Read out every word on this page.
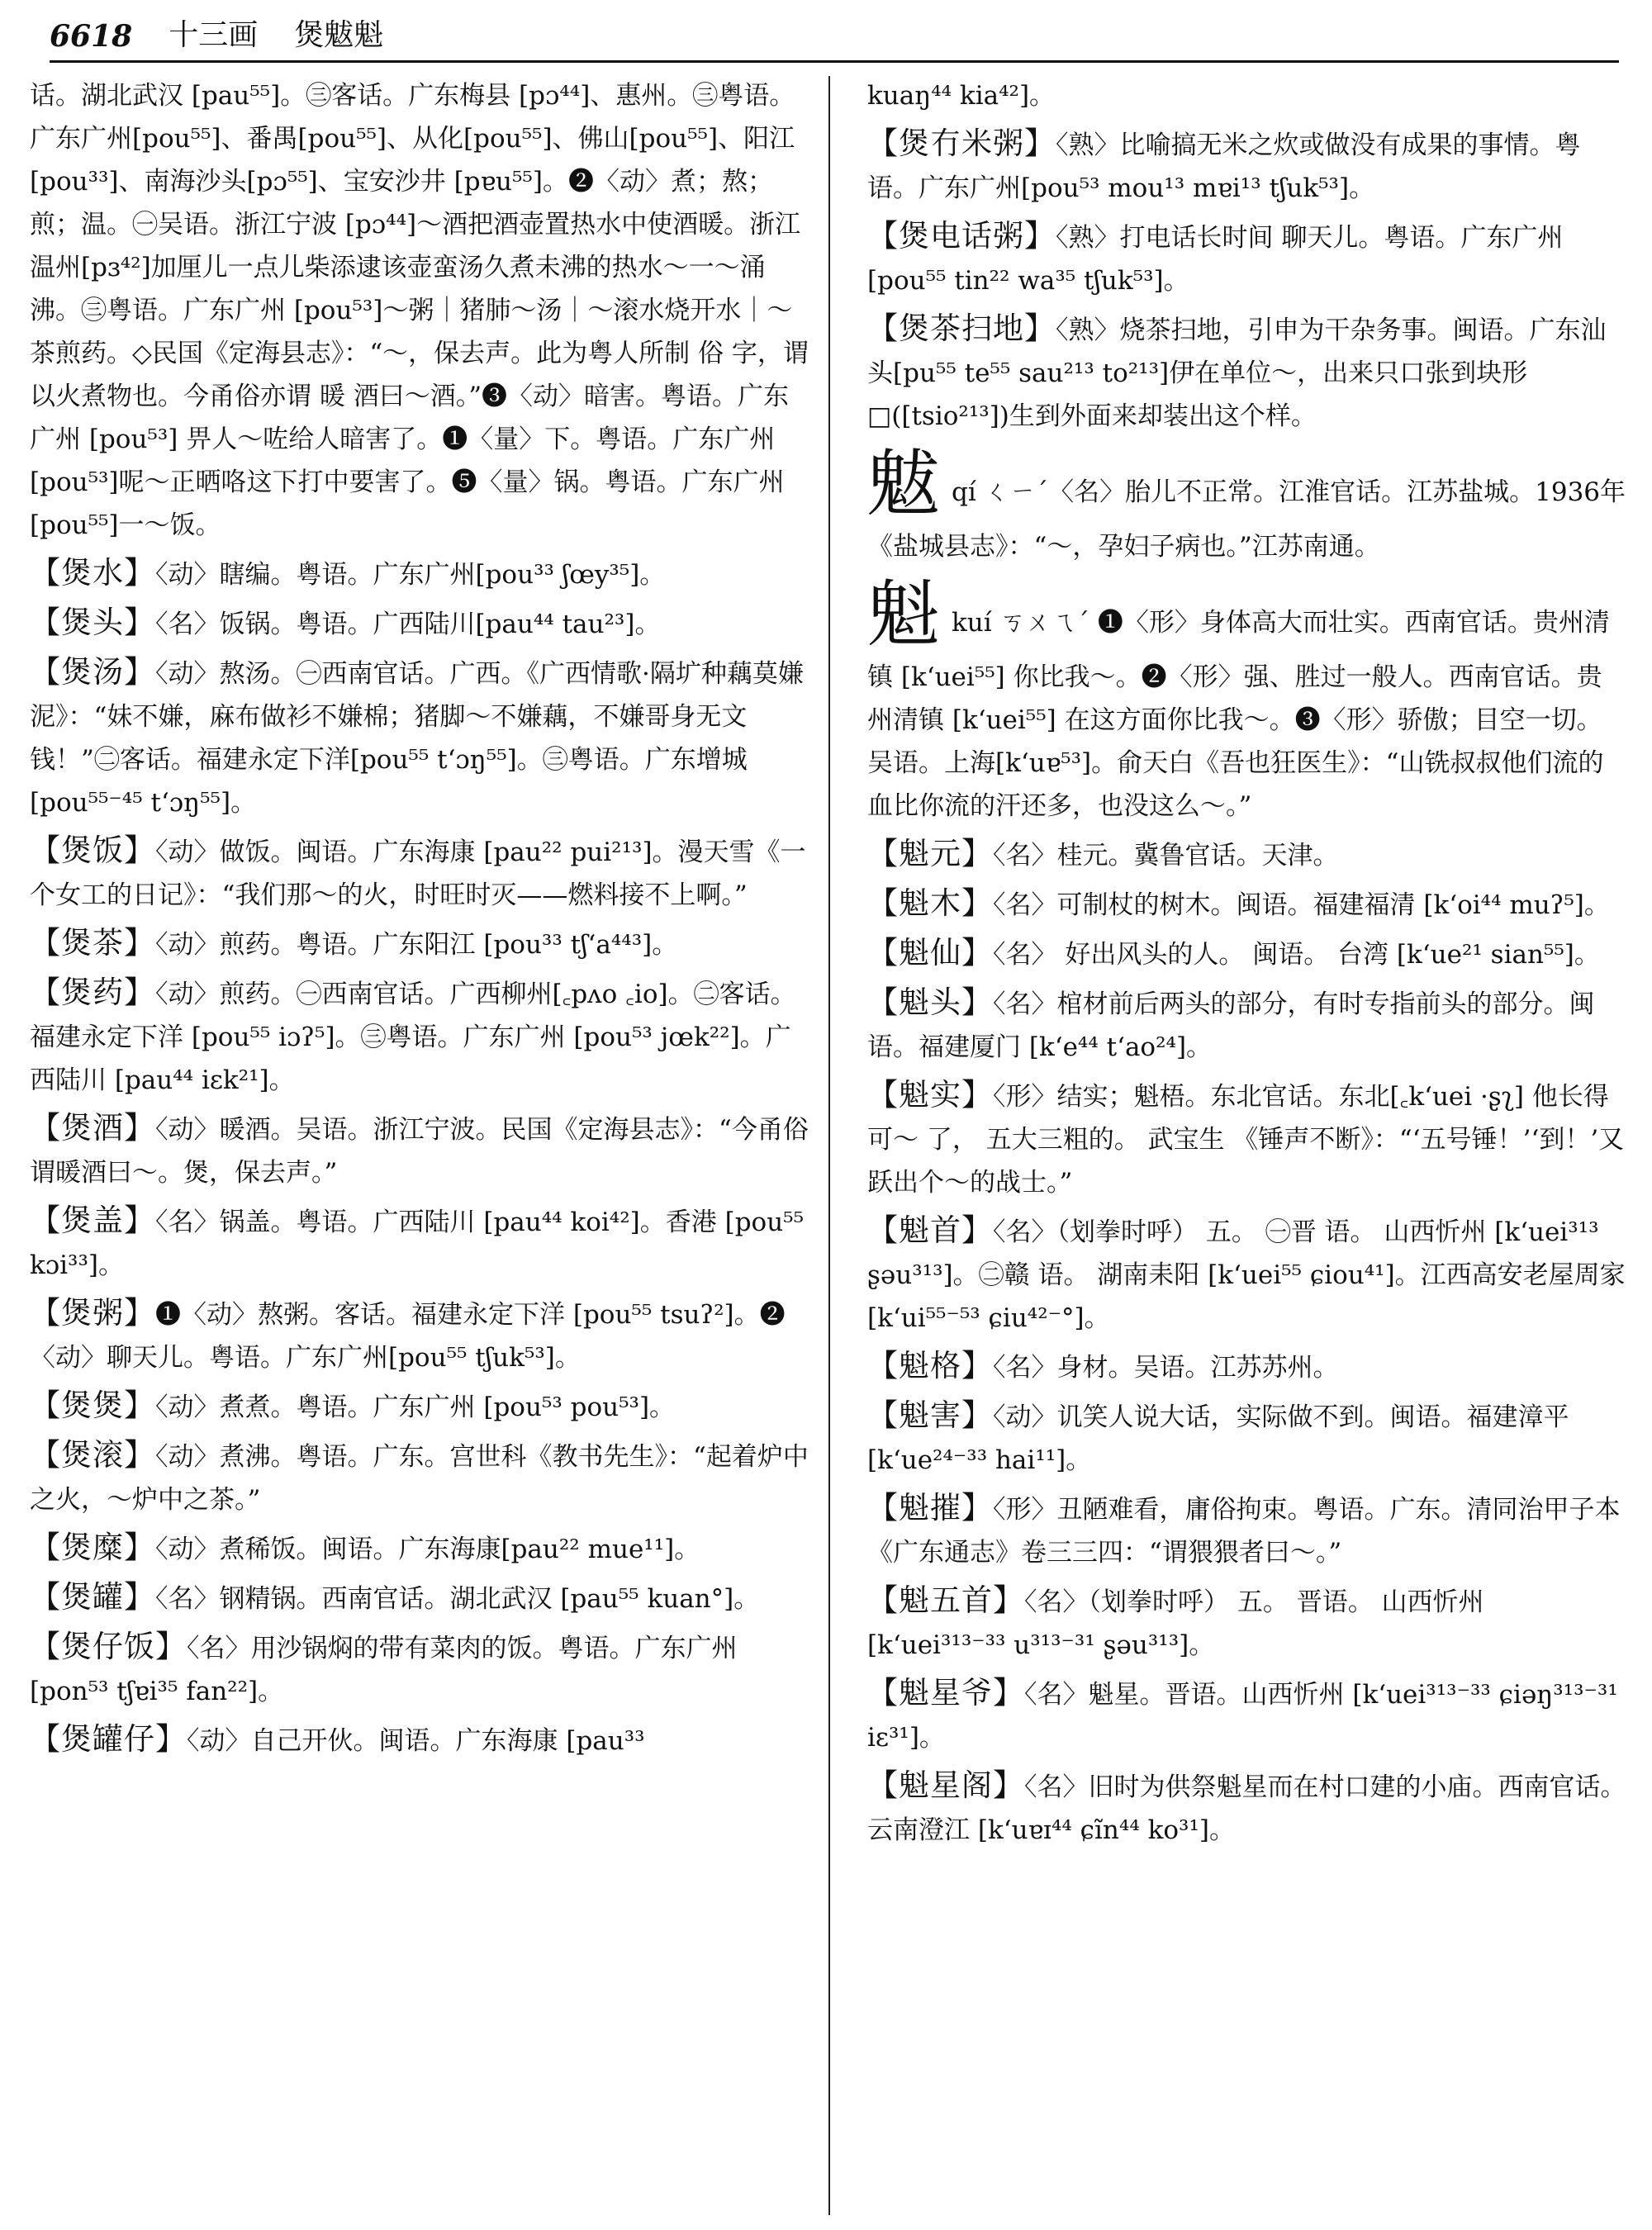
6618 十三画 煲魃魁
话。湖北武汉 [pau⁵⁵]。㊂客话。广东梅县 [pɔ⁴⁴]、惠州。㊂粤语。广东广州[pou⁵⁵]、番禺[pou⁵⁵]、从化[pou⁵⁵]、佛山[pou⁵⁵]、阳江 [pou³³]、南海沙头[pɔ⁵⁵]、宝安沙井 [pɐu⁵⁵]。❷〈动〉煮；熬；煎；温。㊀吴语。浙江宁波 [pɔ⁴⁴]～酒把酒壶置热水中使酒暖。浙江温州[pɜ⁴²]加厘儿一点儿柴添逮该壶蛮汤久煮未沸的热水～一～涌沸。㊂粤语。广东广州 [pou⁵³]～粥｜猪肺～汤｜～滚水烧开水｜～茶煎药。◇民国《定海县志》：“～，保去声。此为粤人所制 俗 字，谓以火煮物也。今甬俗亦谓 暖 酒曰～酒。”❸〈动〉暗害。粤语。广东广州 [pou⁵³] 畀人～咗给人暗害了。❶〈量〉下。粤语。广东广州 [pou⁵³]呢～正晒咯这下打中要害了。❺〈量〉锅。粤语。广东广州 [pou⁵⁵]一～饭。
【煲水】〈动〉瞎编。粤语。广东广州[pou³³ ʃœy³⁵]。
【煲头】〈名〉饭锅。粤语。广西陆川[pau⁴⁴ tau²³]。
【煲汤】〈动〉熬汤。㊀西南官话。广西。《广西情歌·隔圹种藕莫嫌泥》：“妹不嫌，麻布做衫不嫌棉；猪脚～不嫌藕，不嫌哥身无文钱！”㊁客话。福建永定下洋[pou⁵⁵ tʻɔŋ⁵⁵]。㊂粤语。广东增城 [pou⁵⁵⁻⁴⁵ tʻɔŋ⁵⁵]。
【煲饭】〈动〉做饭。闽语。广东海康 [pau²² pui²¹³]。漫天雪《一个女工的日记》：“我们那～的火，时旺时灭——燃料接不上啊。”
【煲茶】〈动〉煎药。粤语。广东阳江 [pou³³ tʃʻa⁴⁴³]。
【煲药】〈动〉煎药。㊀西南官话。广西柳州[꜀pʌo ꜀io]。㊁客话。福建永定下洋 [pou⁵⁵ iɔʔ⁵]。㊂粤语。广东广州 [pou⁵³ jœk²²]。广西陆川 [pau⁴⁴ iɛk²¹]。
【煲酒】〈动〉暖酒。吴语。浙江宁波。民国《定海县志》：“今甬俗谓暖酒曰～。煲，保去声。”
【煲盖】〈名〉锅盖。粤语。广西陆川 [pau⁴⁴ koi⁴²]。香港 [pou⁵⁵ kɔi³³]。
【煲粥】❶〈动〉熬粥。客话。福建永定下洋 [pou⁵⁵ tsuʔ²]。❷〈动〉聊天儿。粤语。广东广州[pou⁵⁵ tʃuk⁵³]。
【煲煲】〈动〉煮煮。粤语。广东广州 [pou⁵³ pou⁵³]。
【煲滚】〈动〉煮沸。粤语。广东。宫世科《教书先生》：“起着炉中之火，～炉中之茶。”
【煲糜】〈动〉煮稀饭。闽语。广东海康[pau²² mue¹¹]。
【煲罐】〈名〉钢精锅。西南官话。湖北武汉 [pau⁵⁵ kuan°]。
【煲仔饭】〈名〉用沙锅焖的带有菜肉的饭。粤语。广东广州 [pon⁵³ tʃɐi³⁵ fan²²]。
【煲罐仔】〈动〉自己开伙。闽语。广东海康 [pau³³
kuaŋ⁴⁴ kia⁴²]。
【煲冇米粥】〈熟〉比喻搞无米之炊或做没有成果的事情。粤语。广东广州[pou⁵³ mou¹³ mɐi¹³ tʃuk⁵³]。
【煲电话粥】〈熟〉打电话长时间 聊天儿。粤语。广东广州[pou⁵⁵ tin²² wa³⁵ tʃuk⁵³]。
【煲茶扫地】〈熟〉烧茶扫地，引申为干杂务事。闽语。广东汕头[pu⁵⁵ te⁵⁵ sau²¹³ to²¹³]伊在单位～，出来只口张到块形□([tsio²¹³])生到外面来却装出这个样。
魃qí ㄑㄧˊ〈名〉胎儿不正常。江淮官话。江苏盐城。1936年《盐城县志》：“～，孕妇子病也。”江苏南通。
魁kuí ㄎㄨㄟˊ ❶〈形〉身体高大而壮实。西南官话。贵州清镇 [kʻuei⁵⁵] 你比我～。❷〈形〉强、胜过一般人。西南官话。贵州清镇 [kʻuei⁵⁵] 在这方面你比我～。❸〈形〉骄傲；目空一切。吴语。上海[kʻuɐ⁵³]。俞天白《吾也狂医生》：“山铣叔叔他们流的血比你流的汗还多，也没这么～。”
【魁元】〈名〉桂元。冀鲁官话。天津。
【魁木】〈名〉可制杖的树木。闽语。福建福清 [kʻoi⁴⁴ muʔ⁵]。
【魁仙】〈名〉 好出风头的人。 闽语。 台湾 [kʻue²¹ sian⁵⁵]。
【魁头】〈名〉棺材前后两头的部分，有时专指前头的部分。闽语。福建厦门 [kʻe⁴⁴ tʻao²⁴]。
【魁实】〈形〉结实；魁梧。东北官话。东北[꜀kʻuei ·ʂʅ] 他长得可～ 了， 五大三粗的。 武宝生 《锤声不断》：“‘五号锤！’‘到！’又跃出个～的战士。”
【魁首】〈名〉（划拳时呼） 五。 ㊀晋 语。 山西忻州 [kʻuei³¹³ ʂəu³¹³]。㊁赣 语。 湖南耒阳 [kʻuei⁵⁵ ɕiou⁴¹]。江西高安老屋周家 [kʻui⁵⁵⁻⁵³ ɕiu⁴²⁻°]。
【魁格】〈名〉身材。吴语。江苏苏州。
【魁害】〈动〉讥笑人说大话，实际做不到。闽语。福建漳平 [kʻue²⁴⁻³³ hai¹¹]。
【魁摧】〈形〉丑陋难看，庸俗拘束。粤语。广东。清同治甲子本《广东通志》卷三三四：“谓猥猥者曰～。”
【魁五首】〈名〉（划拳时呼） 五。 晋语。 山西忻州 [kʻuei³¹³⁻³³ u³¹³⁻³¹ ʂəu³¹³]。
【魁星爷】〈名〉魁星。晋语。山西忻州 [kʻuei³¹³⁻³³ ɕiəŋ³¹³⁻³¹ iɛ³¹]。
【魁星阁】〈名〉旧时为供祭魁星而在村口建的小庙。西南官话。云南澄江 [kʻuɐɪ⁴⁴ ɕĩn⁴⁴ ko³¹]。
